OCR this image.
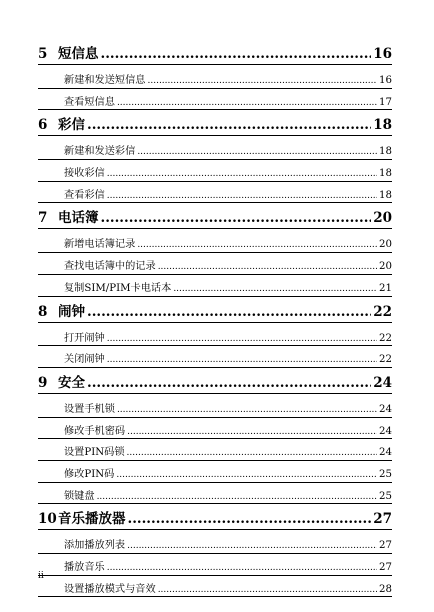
5 短信息 .....	16
新建和发送短信息 .....	16
查看短信息 .....	17
6 彩信 .....	18
新建和发送彩信 .....	18
接收彩信 .....	18
查看彩信 .....	18
7 电话簿 .....	20
新增电话簿记录 .....	20
查找电话簿中的记录 .....	20
复制SIM/PIM卡电话本 .....	21
8 闹钟 .....	22
打开闹钟 .....	22
关闭闹钟 .....	22
9 安全 .....	24
设置手机锁 .....	24
修改手机密码 .....	24
设置PIN码锁 .....	24
修改PIN码 .....	25
锁键盘 .....	25
10 音乐播放器 .....	27
添加播放列表 .....	27
播放音乐 .....	27
设置播放模式与音效 .....	28
ii
